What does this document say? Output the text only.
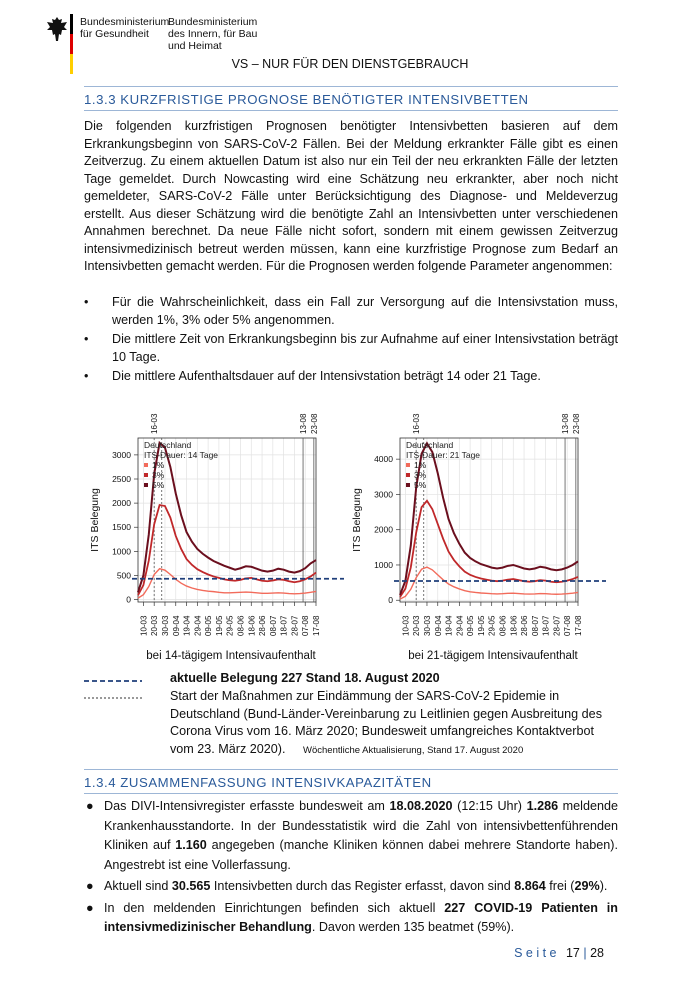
Bundesministerium
für Gesundheit
Bundesministerium
des Innern, für Bau
und Heimat
VS – NUR FÜR DEN DIENSTGEBRAUCH
1.3.3 KURZFRISTIGE PROGNOSE BENÖTIGTER INTENSIVBETTEN
Die folgenden kurzfristigen Prognosen benötigter Intensivbetten basieren auf dem Erkrankungsbeginn von SARS-CoV-2 Fällen. Bei der Meldung erkrankter Fälle gibt es einen Zeitverzug. Zu einem aktuellen Datum ist also nur ein Teil der neu erkrankten Fälle der letzten Tage gemeldet. Durch Nowcasting wird eine Schätzung neu erkrankter, aber noch nicht gemeldeter, SARS-CoV-2 Fälle unter Berücksichtigung des Diagnose- und Meldeverzug erstellt. Aus dieser Schätzung wird die benötigte Zahl an Intensivbetten unter verschiedenen Annahmen berechnet. Da neue Fälle nicht sofort, sondern mit einem gewissen Zeitverzug intensivmedizinisch betreut werden müssen, kann eine kurzfristige Prognose zum Bedarf an Intensivbetten gemacht werden. Für die Prognosen werden folgende Parameter angenommen:
• Für die Wahrscheinlichkeit, dass ein Fall zur Versorgung auf die Intensivstation muss, werden 1%, 3% oder 5% angenommen.
• Die mittlere Zeit von Erkrankungsbeginn bis zur Aufnahme auf einer Intensivstation beträgt 10 Tage.
• Die mittlere Aufenthaltsdauer auf der Intensivstation beträgt 14 oder 21 Tage.
0
500
1000
1500
2000
2500
3000
ITS Belegung
10-03 20-03 30-03 09-04 19-04 29-04 09-05 19-05 29-05 08-06 18-06 28-06 08-07 18-07 28-07 07-08 17-08
16-03	13-08 23-08
Deutschland
ITS-Dauer: 14 Tage
1%
3%
5%
bei 14-tägigem Intensivaufenthalt
0
1000
2000
3000
4000
ITS Belegung
10-03 20-03 30-03 09-04 19-04 29-04 09-05 19-05 29-05 08-06 18-06 28-06 08-07 18-07 28-07 07-08 17-08
16-03	13-08 23-08
Deutschland
ITS-Dauer: 21 Tage
1%
3%
5%
bei 21-tägigem Intensivaufenthalt
aktuelle Belegung 227 Stand 18. August 2020
Start der Maßnahmen zur Eindämmung der SARS-CoV-2 Epidemie in Deutschland (Bund-Länder-Vereinbarung zu Leitlinien gegen Ausbreitung des Corona Virus vom 16. März 2020; Bundesweit umfangreiches Kontaktverbot vom 23. März 2020). Wöchentliche Aktualisierung, Stand 17. August 2020
1.3.4 ZUSAMMENFASSUNG INTENSIVKAPAZITÄTEN
● Das DIVI-Intensivregister erfasste bundesweit am 18.08.2020 (12:15 Uhr) 1.286 meldende Krankenhausstandorte. In der Bundesstatistik wird die Zahl von intensivbettenführenden Kliniken auf 1.160 angegeben (manche Kliniken können dabei mehrere Standorte haben). Angestrebt ist eine Vollerfassung.
● Aktuell sind 30.565 Intensivbetten durch das Register erfasst, davon sind 8.864 frei (29%).
● In den meldenden Einrichtungen befinden sich aktuell 227 COVID-19 Patienten in intensivmedizinischer Behandlung. Davon werden 135 beatmet (59%).
S e i t e 17 | 28
